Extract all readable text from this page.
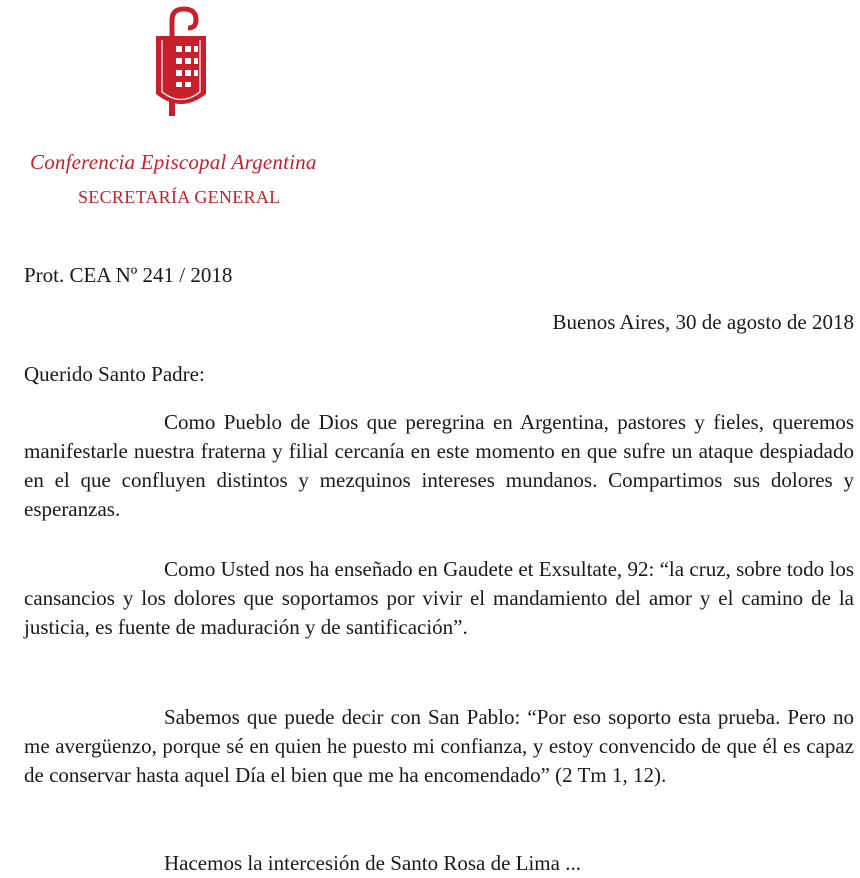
Conferencia Episcopal Argentina
SECRETARÍA GENERAL
Prot. CEA Nº 241 / 2018
Buenos Aires, 30 de agosto de 2018
Querido Santo Padre:

Como Pueblo de Dios que peregrina en Argentina, pastores y fieles, queremos manifestarle nuestra fraterna y filial cercanía en este momento en que sufre un ataque despiadado en el que confluyen distintos y mezquinos intereses mundanos. Compartimos sus dolores y esperanzas.

Como Usted nos ha enseñado en Gaudete et Exsultate, 92: “la cruz, sobre todo los cansancios y los dolores que soportamos por vivir el mandamiento del amor y el camino de la justicia, es fuente de maduración y de santificación”.

Sabemos que puede decir con San Pablo: “Por eso soporto esta prueba. Pero no me avergüenzo, porque sé en quien he puesto mi confianza, y estoy convencido de que él es capaz de conservar hasta aquel Día el bien que me ha encomendado” (2 Tm 1, 12).

Hacemos la intercesión de Santo Rosa de Lima ...
